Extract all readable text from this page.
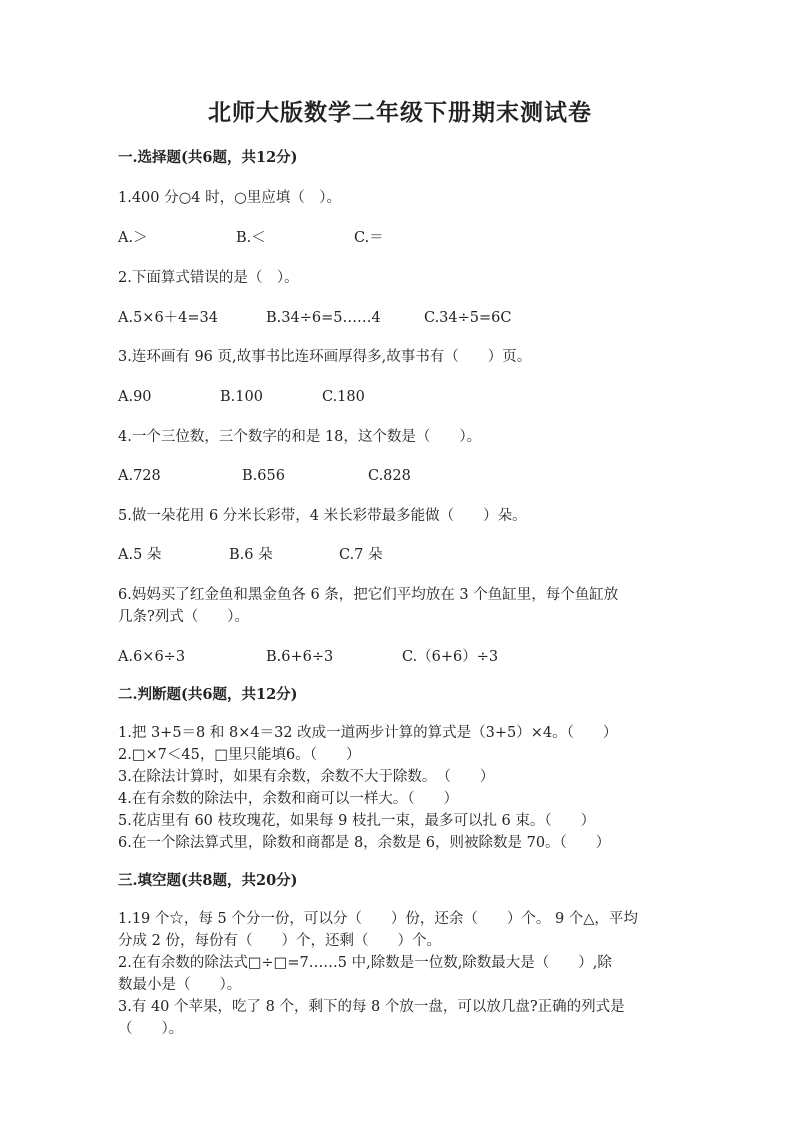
北师大版数学二年级下册期末测试卷
一.选择题(共6题，共12分)
1.400 分○4 时，○里应填（　）。
A.＞	B.＜	C.＝
2.下面算式错误的是（　）。
A.5×6＋4=34	B.34÷6=5……4	C.34÷5=6C
3.连环画有 96 页,故事书比连环画厚得多,故事书有（　　）页。
A.90	B.100	C.180
4.一个三位数，三个数字的和是 18，这个数是（　　）。
A.728	B.656	C.828
5.做一朵花用 6 分米长彩带，4 米长彩带最多能做（　　）朵。
A.5 朵	B.6 朵	C.7 朵
6.妈妈买了红金鱼和黑金鱼各 6 条，把它们平均放在 3 个鱼缸里，每个鱼缸放
几条?列式（　　）。
A.6×6÷3	B.6+6÷3	C.（6+6）÷3
二.判断题(共6题，共12分)
1.把 3+5＝8 和 8×4＝32 改成一道两步计算的算式是（3+5）×4。（　　）
2.□×7＜45，□里只能填6。（　　）
3.在除法计算时，如果有余数，余数不大于除数。　（　　）
4.在有余数的除法中，余数和商可以一样大。（　　）
5.花店里有 60 枝玫瑰花，如果每 9 枝扎一束，最多可以扎 6 束。（　　）
6.在一个除法算式里，除数和商都是 8，余数是 6，则被除数是 70。（　　）
三.填空题(共8题，共20分)
1.19 个☆，每 5 个分一份，可以分（　　）份，还余（　　）个。 9 个△，平均
分成 2 份，每份有（　　）个，还剩（　　）个。
2.在有余数的除法式□÷□=7……5 中,除数是一位数,除数最大是（　　）,除
数最小是（　　）。
3.有 40 个苹果，吃了 8 个，剩下的每 8 个放一盘，可以放几盘?正确的列式是
（　　）。
